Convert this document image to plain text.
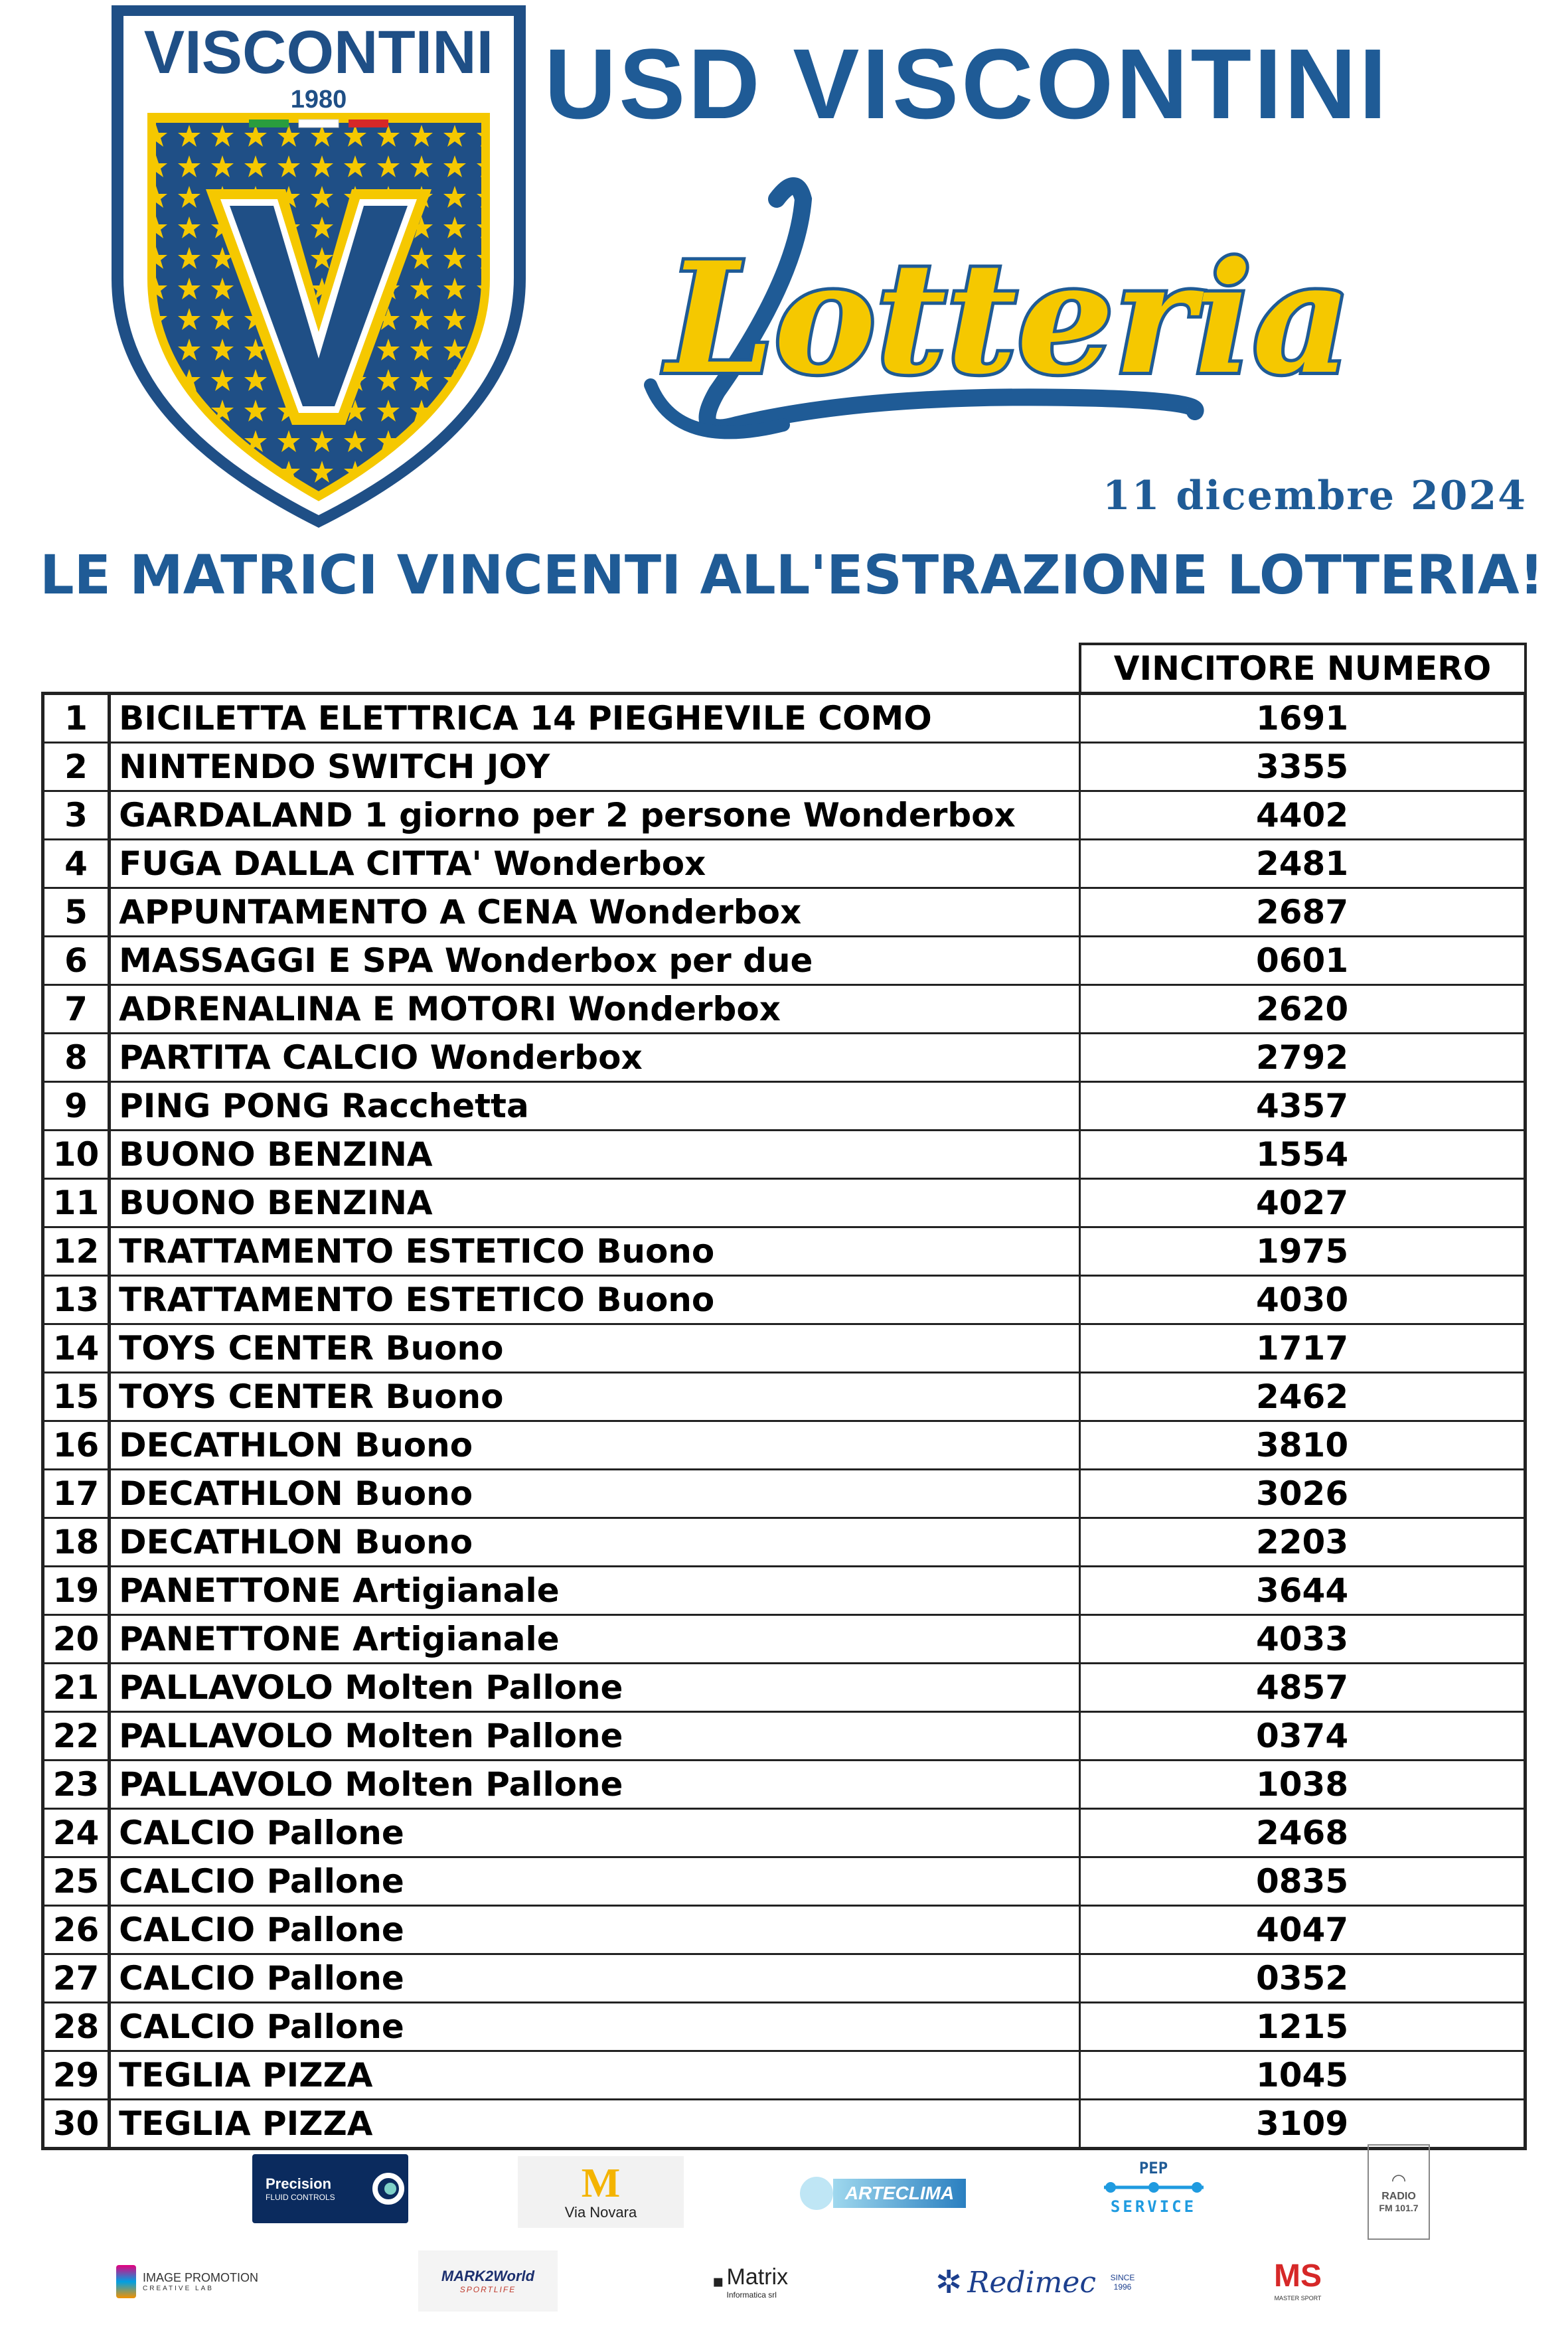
VISCONTINI
1980 USD VISCONTINI
Lotteria
11 dicembre 2024
LE MATRICI VINCENTI ALL'ESTRAZIONE LOTTERIA!
		VINCITORE NUMERO
1	BICILETTA ELETTRICA 14 PIEGHEVILE COMO	1691
2	NINTENDO SWITCH JOY	3355
3	GARDALAND 1 giorno per 2 persone Wonderbox	4402
4	FUGA DALLA CITTA' Wonderbox	2481
5	APPUNTAMENTO A CENA Wonderbox	2687
6	MASSAGGI E SPA Wonderbox per due	0601
7	ADRENALINA E MOTORI Wonderbox	2620
8	PARTITA CALCIO Wonderbox	2792
9	PING PONG Racchetta	4357
10	BUONO BENZINA	1554
11	BUONO BENZINA	4027
12	TRATTAMENTO ESTETICO Buono	1975
13	TRATTAMENTO ESTETICO Buono	4030
14	TOYS CENTER Buono	1717
15	TOYS CENTER Buono	2462
16	DECATHLON Buono	3810
17	DECATHLON Buono	3026
18	DECATHLON Buono	2203
19	PANETTONE Artigianale	3644
20	PANETTONE Artigianale	4033
21	PALLAVOLO Molten Pallone	4857
22	PALLAVOLO Molten Pallone	0374
23	PALLAVOLO Molten Pallone	1038
24	CALCIO Pallone	2468
25	CALCIO Pallone	0835
26	CALCIO Pallone	4047
27	CALCIO Pallone	0352
28	CALCIO Pallone	1215
29	TEGLIA PIZZA	1045
30	TEGLIA PIZZA	3109
Precision
FLUID CONTROLS	M
Via Novara
ARTECLIMA
PEP
SERVICE
◠
RADIO
FM 101.7
IMAGE PROMOTION
CREATIVE LAB
MARK2World
SPORTLIFE	▪ Matrix
Informatica srl	✲ Redimec	SINCE 1996	MS
MASTER SPORT
